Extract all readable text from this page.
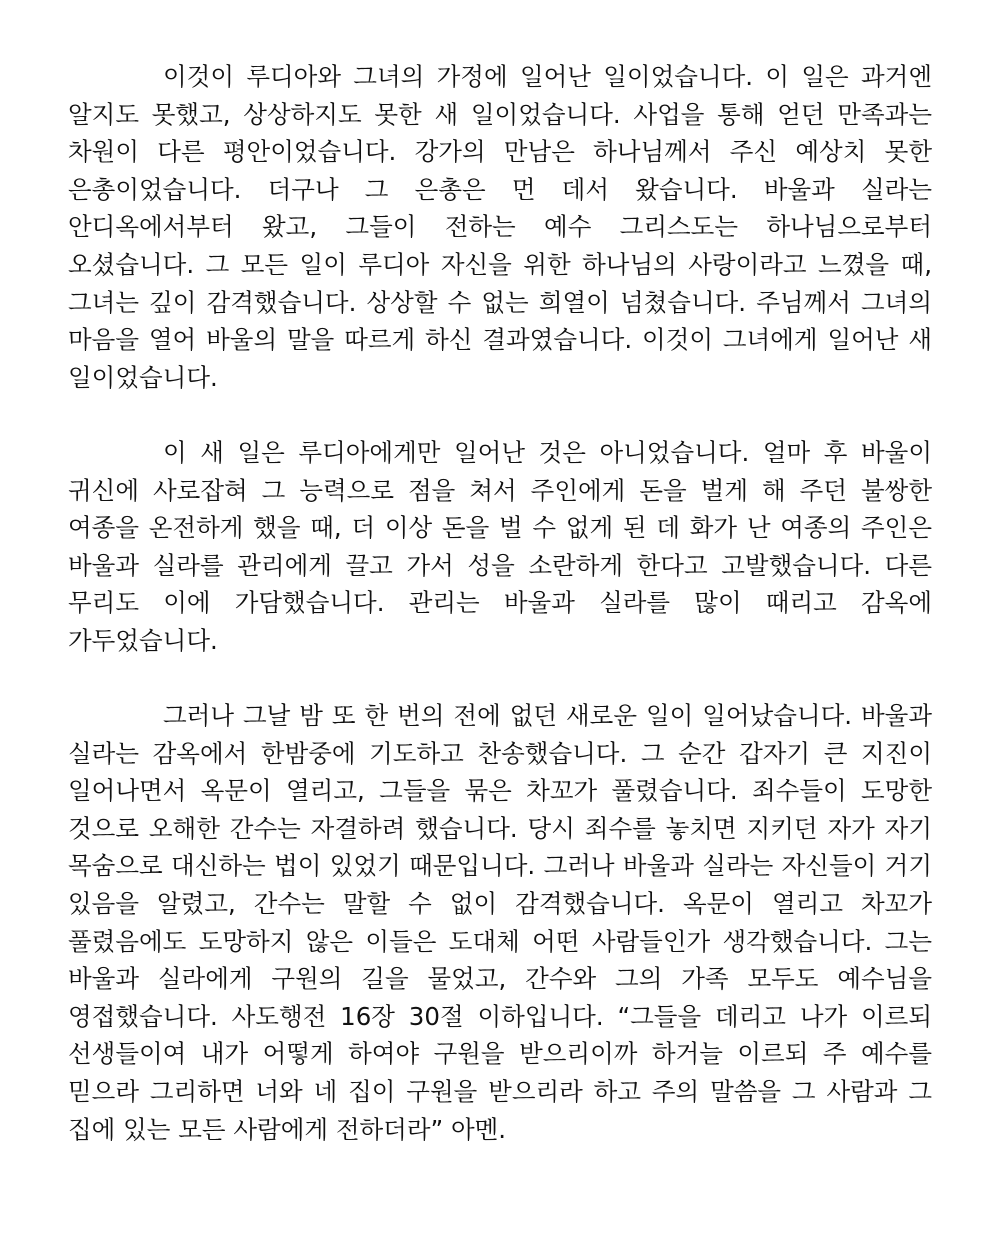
이것이 루디아와 그녀의 가정에 일어난 일이었습니다. 이 일은 과거엔 알지도 못했고, 상상하지도 못한 새 일이었습니다. 사업을 통해 얻던 만족과는 차원이 다른 평안이었습니다. 강가의 만남은 하나님께서 주신 예상치 못한 은총이었습니다. 더구나 그 은총은 먼 데서 왔습니다. 바울과 실라는 안디옥에서부터 왔고, 그들이 전하는 예수 그리스도는 하나님으로부터 오셨습니다. 그 모든 일이 루디아 자신을 위한 하나님의 사랑이라고 느꼈을 때, 그녀는 깊이 감격했습니다. 상상할 수 없는 희열이 넘쳤습니다. 주님께서 그녀의 마음을 열어 바울의 말을 따르게 하신 결과였습니다. 이것이 그녀에게 일어난 새 일이었습니다.

이 새 일은 루디아에게만 일어난 것은 아니었습니다. 얼마 후 바울이 귀신에 사로잡혀 그 능력으로 점을 쳐서 주인에게 돈을 벌게 해 주던 불쌍한 여종을 온전하게 했을 때, 더 이상 돈을 벌 수 없게 된 데 화가 난 여종의 주인은 바울과 실라를 관리에게 끌고 가서 성을 소란하게 한다고 고발했습니다. 다른 무리도 이에 가담했습니다. 관리는 바울과 실라를 많이 때리고 감옥에 가두었습니다.

그러나 그날 밤 또 한 번의 전에 없던 새로운 일이 일어났습니다. 바울과 실라는 감옥에서 한밤중에 기도하고 찬송했습니다. 그 순간 갑자기 큰 지진이 일어나면서 옥문이 열리고, 그들을 묶은 차꼬가 풀렸습니다. 죄수들이 도망한 것으로 오해한 간수는 자결하려 했습니다. 당시 죄수를 놓치면 지키던 자가 자기 목숨으로 대신하는 법이 있었기 때문입니다. 그러나 바울과 실라는 자신들이 거기 있음을 알렸고, 간수는 말할 수 없이 감격했습니다. 옥문이 열리고 차꼬가 풀렸음에도 도망하지 않은 이들은 도대체 어떤 사람들인가 생각했습니다. 그는 바울과 실라에게 구원의 길을 물었고, 간수와 그의 가족 모두도 예수님을 영접했습니다. 사도행전 16장 30절 이하입니다. “그들을 데리고 나가 이르되 선생들이여 내가 어떻게 하여야 구원을 받으리이까 하거늘 이르되 주 예수를 믿으라 그리하면 너와 네 집이 구원을 받으리라 하고 주의 말씀을 그 사람과 그 집에 있는 모든 사람에게 전하더라” 아멘.
